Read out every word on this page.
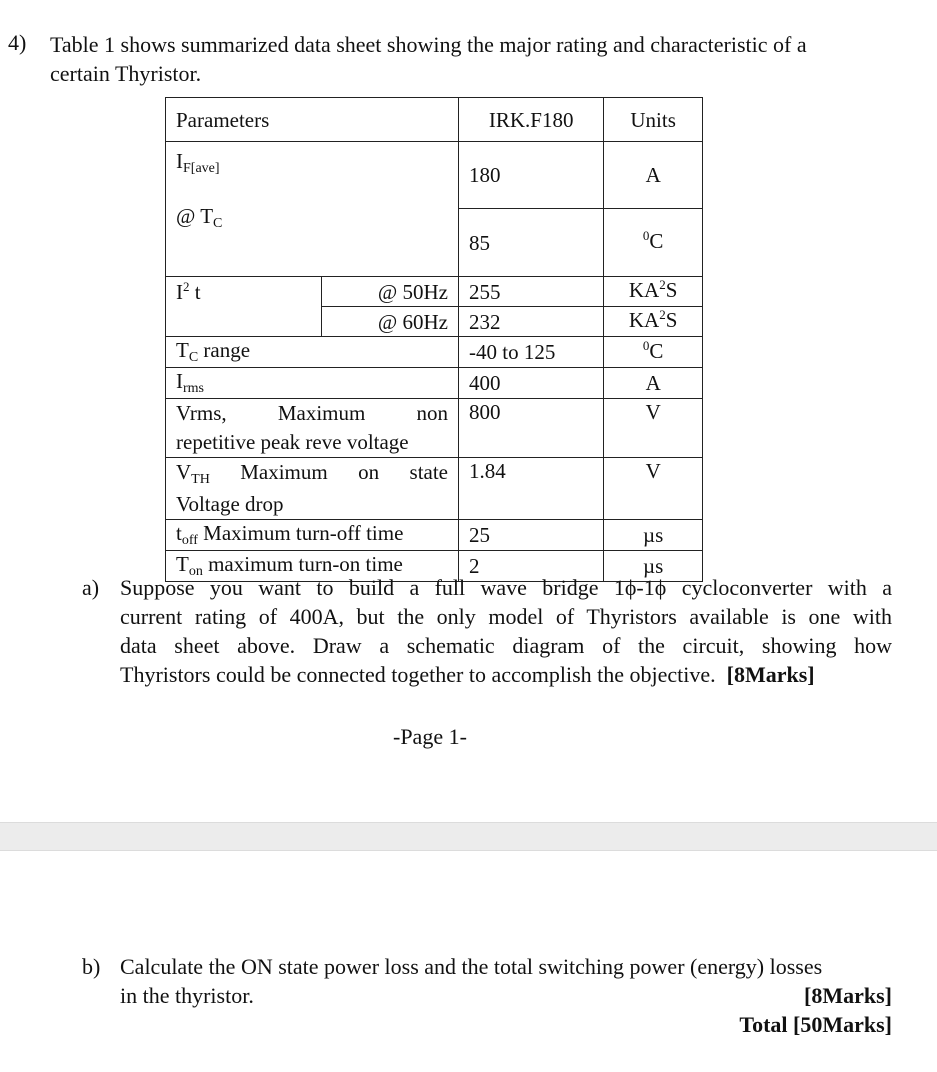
4) Table 1 shows summarized data sheet showing the major rating and characteristic of a
certain Thyristor.
Parameters		IRK.F180	Units

IF[ave]
@ TC		180	A
		85	$^0$C
$I^2$ t	@ 50Hz	255	$KA^2S$
	@ 60Hz	232	$KA^2S$
TC range		-40 to 125	$^0$C
Irms		400	A

Vrms, Maximum non
repetitive peak reve voltage		800	V

VTH Maximum on state
Voltage drop		1.84	V
toff Maximum turn-off time		25	µs
Ton maximum turn-on time		2	µs
a) Suppose you want to build a full wave bridge 1ϕ-1ϕ cycloconverter with a
current rating of 400A, but the only model of Thyristors available is one with
data sheet above. Draw a schematic diagram of the circuit, showing how
Thyristors could be connected together to accomplish the objective. [8Marks]
-Page 1-
b) Calculate the ON state power loss and the total switching power (energy) losses
in the thyristor.	[8Marks]
Total [50Marks]
